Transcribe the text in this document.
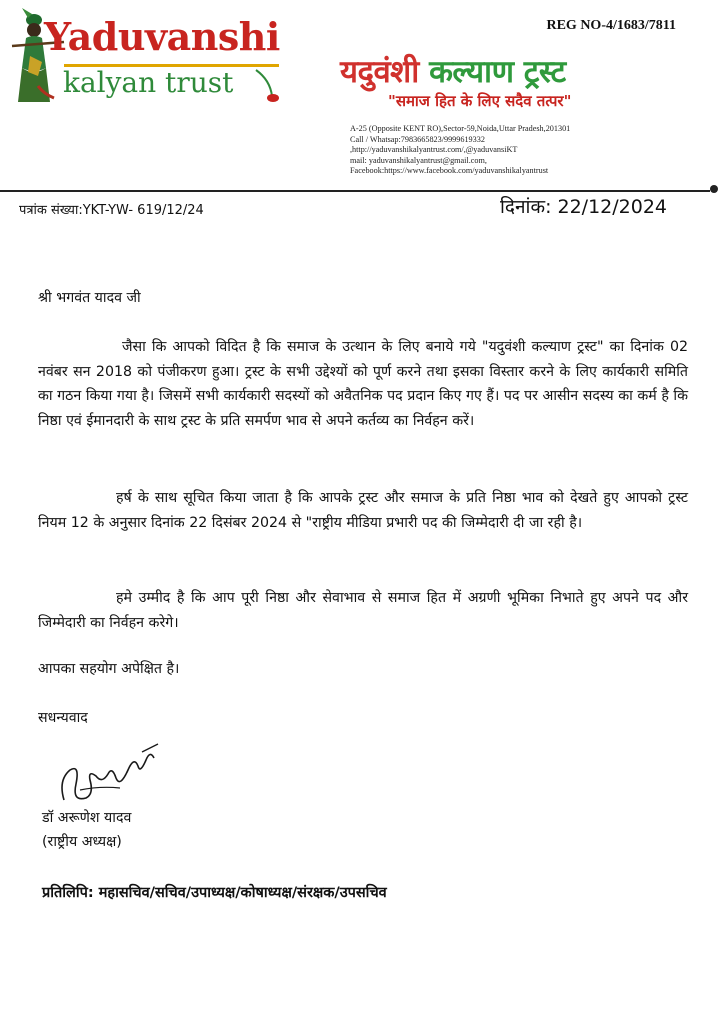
Yaduvanshi
kalyan trust
REG NO-4/1683/7811
यदुवंशी कल्याण ट्रस्ट
"समाज हित के लिए सदैव तत्पर"
A-25 (Opposite KENT RO),Sector-59,Noida,Uttar Pradesh,201301
Call / Whatsap:7983665823/9999619332
,http://yaduvanshikalyantrust.com/,@yaduvansiKT
mail: yaduvanshikalyantrust@gmail.com,
Facebook:https://www.facebook.com/yaduvanshikalyantrust
पत्रांक संख्या:YKT-YW- 619/12/24	दिनांक: 22/12/2024
श्री भगवंत यादव जी
जैसा कि आपको विदित है कि समाज के उत्थान के लिए बनाये गये "यदुवंशी कल्याण ट्रस्ट" का दिनांक 02 नवंबर सन 2018 को पंजीकरण हुआ। ट्रस्ट के सभी उद्देश्यों को पूर्ण करने तथा इसका विस्तार करने के लिए कार्यकारी समिति का गठन किया गया है। जिसमें सभी कार्यकारी सदस्यों को अवैतनिक पद प्रदान किए गए हैं। पद पर आसीन सदस्य का कर्म है कि निष्ठा एवं ईमानदारी के साथ ट्रस्ट के प्रति समर्पण भाव से अपने कर्तव्य का निर्वहन करें।
हर्ष के साथ सूचित किया जाता है कि आपके ट्रस्ट और समाज के प्रति निष्ठा भाव को देखते हुए आपको ट्रस्ट नियम 12 के अनुसार दिनांक 22 दिसंबर 2024 से "राष्ट्रीय मीडिया प्रभारी पद की जिम्मेदारी दी जा रही है।
हमे उम्मीद है कि आप पूरी निष्ठा और सेवाभाव से समाज हित में अग्रणी भूमिका निभाते हुए अपने पद और जिम्मेदारी का निर्वहन करेगे।
आपका सहयोग अपेक्षित है।
सधन्यवाद
डॉ अरूणेश यादव
(राष्ट्रीय अध्यक्ष)
प्रतिलिपि: महासचिव/सचिव/उपाध्यक्ष/कोषाध्यक्ष/संरक्षक/उपसचिव
